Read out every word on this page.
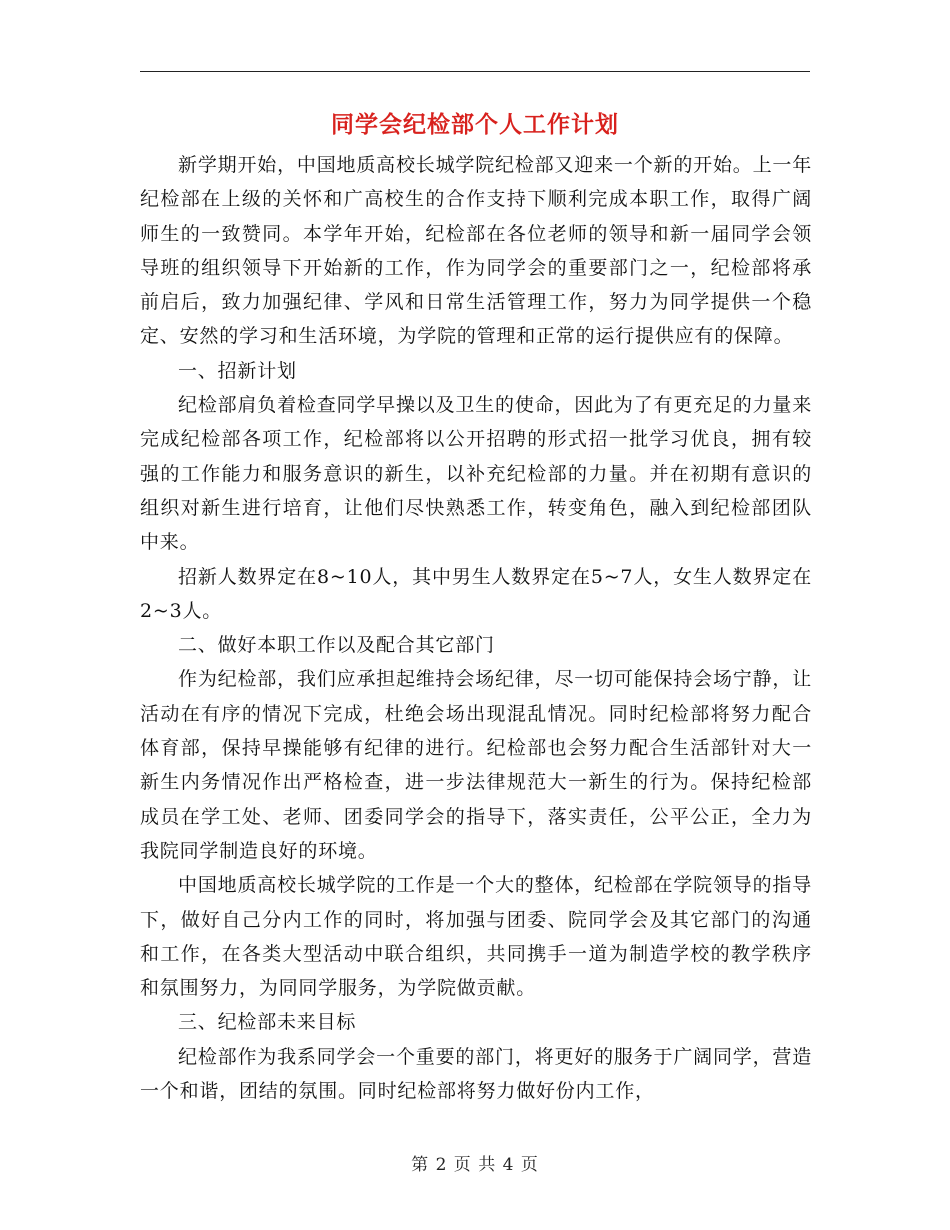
同学会纪检部个人工作计划

新学期开始，中国地质高校长城学院纪检部又迎来一个新的开始。上一年纪检部在上级的关怀和广高校生的合作支持下顺利完成本职工作，取得广阔师生的一致赞同。本学年开始，纪检部在各位老师的领导和新一届同学会领导班的组织领导下开始新的工作，作为同学会的重要部门之一，纪检部将承前启后，致力加强纪律、学风和日常生活管理工作，努力为同学提供一个稳定、安然的学习和生活环境，为学院的管理和正常的运行提供应有的保障。

一、招新计划

纪检部肩负着检查同学早操以及卫生的使命，因此为了有更充足的力量来完成纪检部各项工作，纪检部将以公开招聘的形式招一批学习优良，拥有较强的工作能力和服务意识的新生，以补充纪检部的力量。并在初期有意识的组织对新生进行培育，让他们尽快熟悉工作，转变角色，融入到纪检部团队中来。

招新人数界定在8~10人，其中男生人数界定在5~7人，女生人数界定在2~3人。

二、做好本职工作以及配合其它部门

作为纪检部，我们应承担起维持会场纪律，尽一切可能保持会场宁静，让活动在有序的情况下完成，杜绝会场出现混乱情况。同时纪检部将努力配合体育部，保持早操能够有纪律的进行。纪检部也会努力配合生活部针对大一新生内务情况作出严格检查，进一步法律规范大一新生的行为。保持纪检部成员在学工处、老师、团委同学会的指导下，落实责任，公平公正，全力为我院同学制造良好的环境。

中国地质高校长城学院的工作是一个大的整体，纪检部在学院领导的指导下，做好自己分内工作的同时，将加强与团委、院同学会及其它部门的沟通和工作，在各类大型活动中联合组织，共同携手一道为制造学校的教学秩序和氛围努力，为同同学服务，为学院做贡献。

三、纪检部未来目标

纪检部作为我系同学会一个重要的部门，将更好的服务于广阔同学，营造一个和谐，团结的氛围。同时纪检部将努力做好份内工作，

第 2 页 共 4 页
